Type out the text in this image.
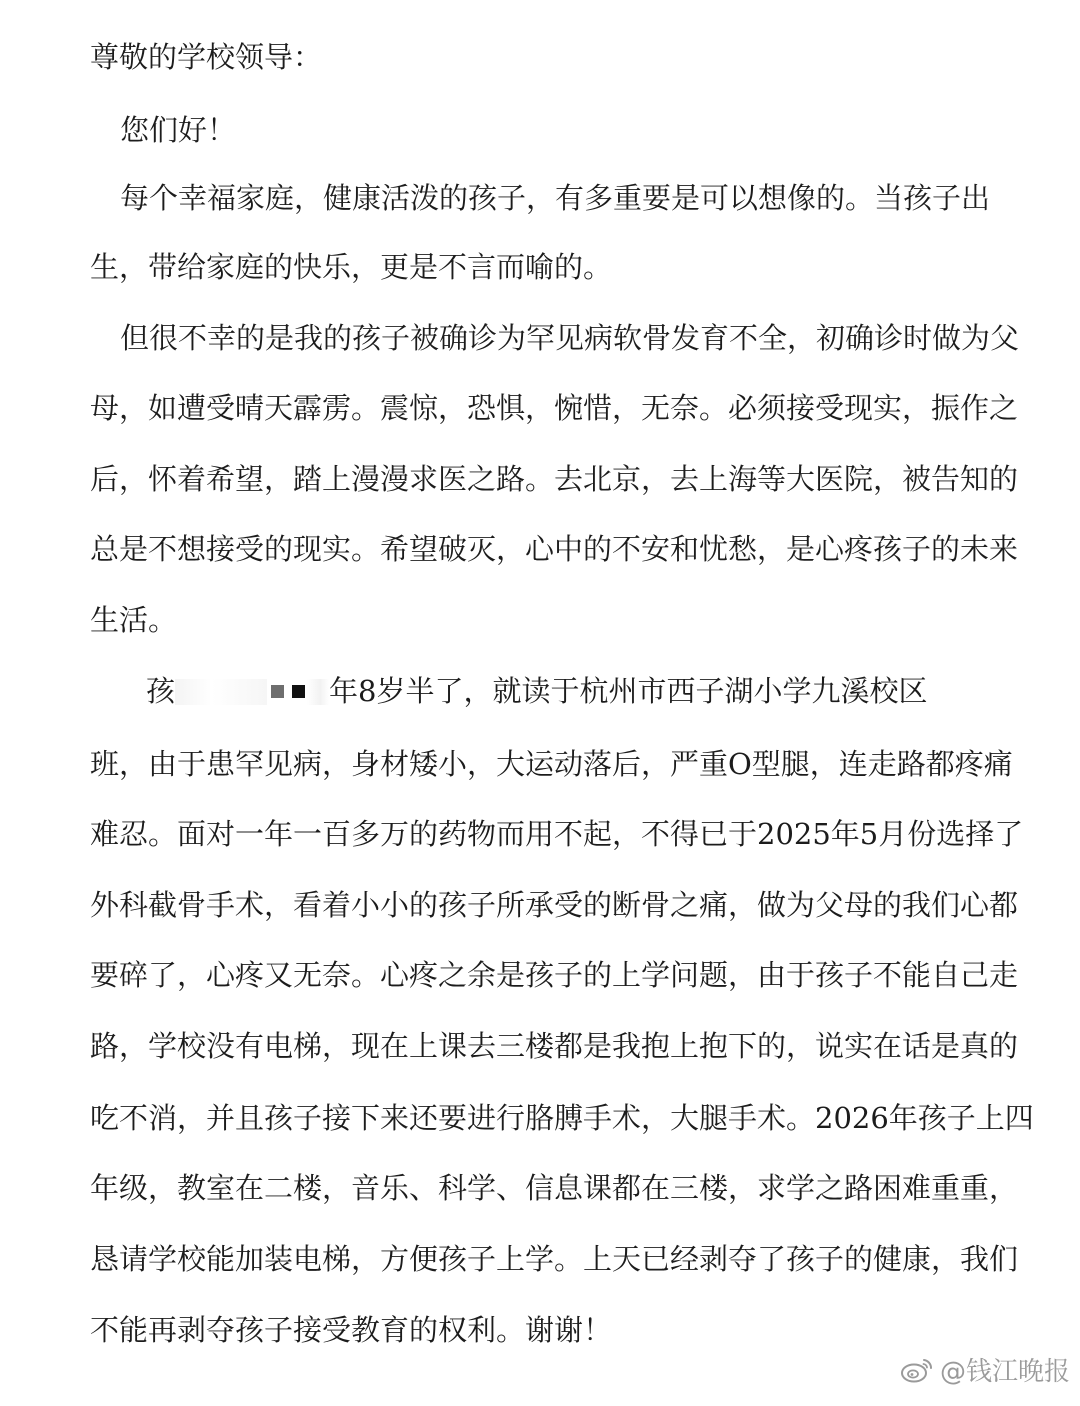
尊敬的学校领导：

您们好！

每个幸福家庭，健康活泼的孩子，有多重要是可以想像的。当孩子出

生，带给家庭的快乐，更是不言而喻的。

但很不幸的是我的孩子被确诊为罕见病软骨发育不全，初确诊时做为父

母，如遭受晴天霹雳。震惊，恐惧，惋惜，无奈。必须接受现实，振作之

后，怀着希望，踏上漫漫求医之路。去北京，去上海等大医院，被告知的

总是不想接受的现实。希望破灭，心中的不安和忧愁，是心疼孩子的未来

生活。

孩	年8岁半了，就读于杭州市西子湖小学九溪校区

班，由于患罕见病，身材矮小，大运动落后，严重O型腿，连走路都疼痛

难忍。面对一年一百多万的药物而用不起，不得已于2025年5月份选择了

外科截骨手术，看着小小的孩子所承受的断骨之痛，做为父母的我们心都

要碎了，心疼又无奈。心疼之余是孩子的上学问题，由于孩子不能自己走

路，学校没有电梯，现在上课去三楼都是我抱上抱下的，说实在话是真的

吃不消，并且孩子接下来还要进行胳膊手术，大腿手术。2026年孩子上四

年级，教室在二楼，音乐、科学、信息课都在三楼，求学之路困难重重，

恳请学校能加装电梯，方便孩子上学。上天已经剥夺了孩子的健康，我们

不能再剥夺孩子接受教育的权利。谢谢！

@钱江晚报
